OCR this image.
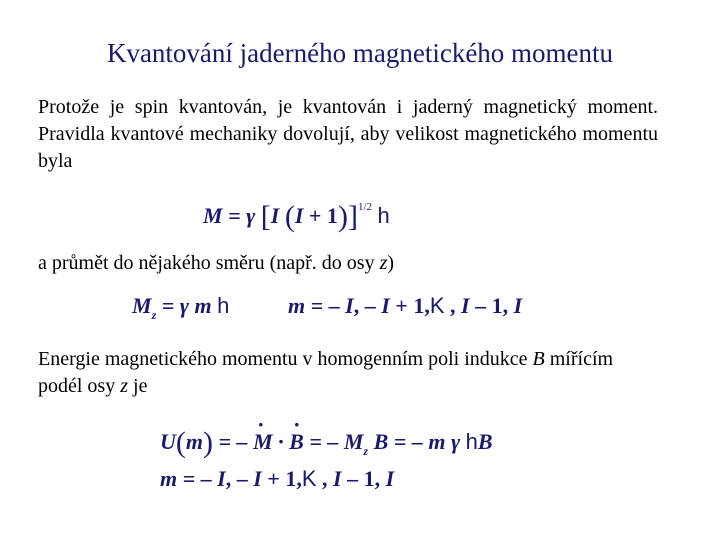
Kvantování jaderného magnetického momentu
Protože je spin kvantován, je kvantován i jaderný magnetický moment. Pravidla kvantové mechaniky dovolují, aby velikost magnetického momentu byla
M = γ [I (I + 1)]$^{1/2}$ h
a průmět do nějakého směru (např. do osy z)
$M_z = \gamma$ m h	m = – I, – I + 1,K , I – 1, I
Energie magnetického momentu v homogenním poli indukce B mířícím podél osy z je
U(m) = – · M · · B = – $M_z$ B = – m γ hB
m = – I, – I + 1,K , I – 1, I
